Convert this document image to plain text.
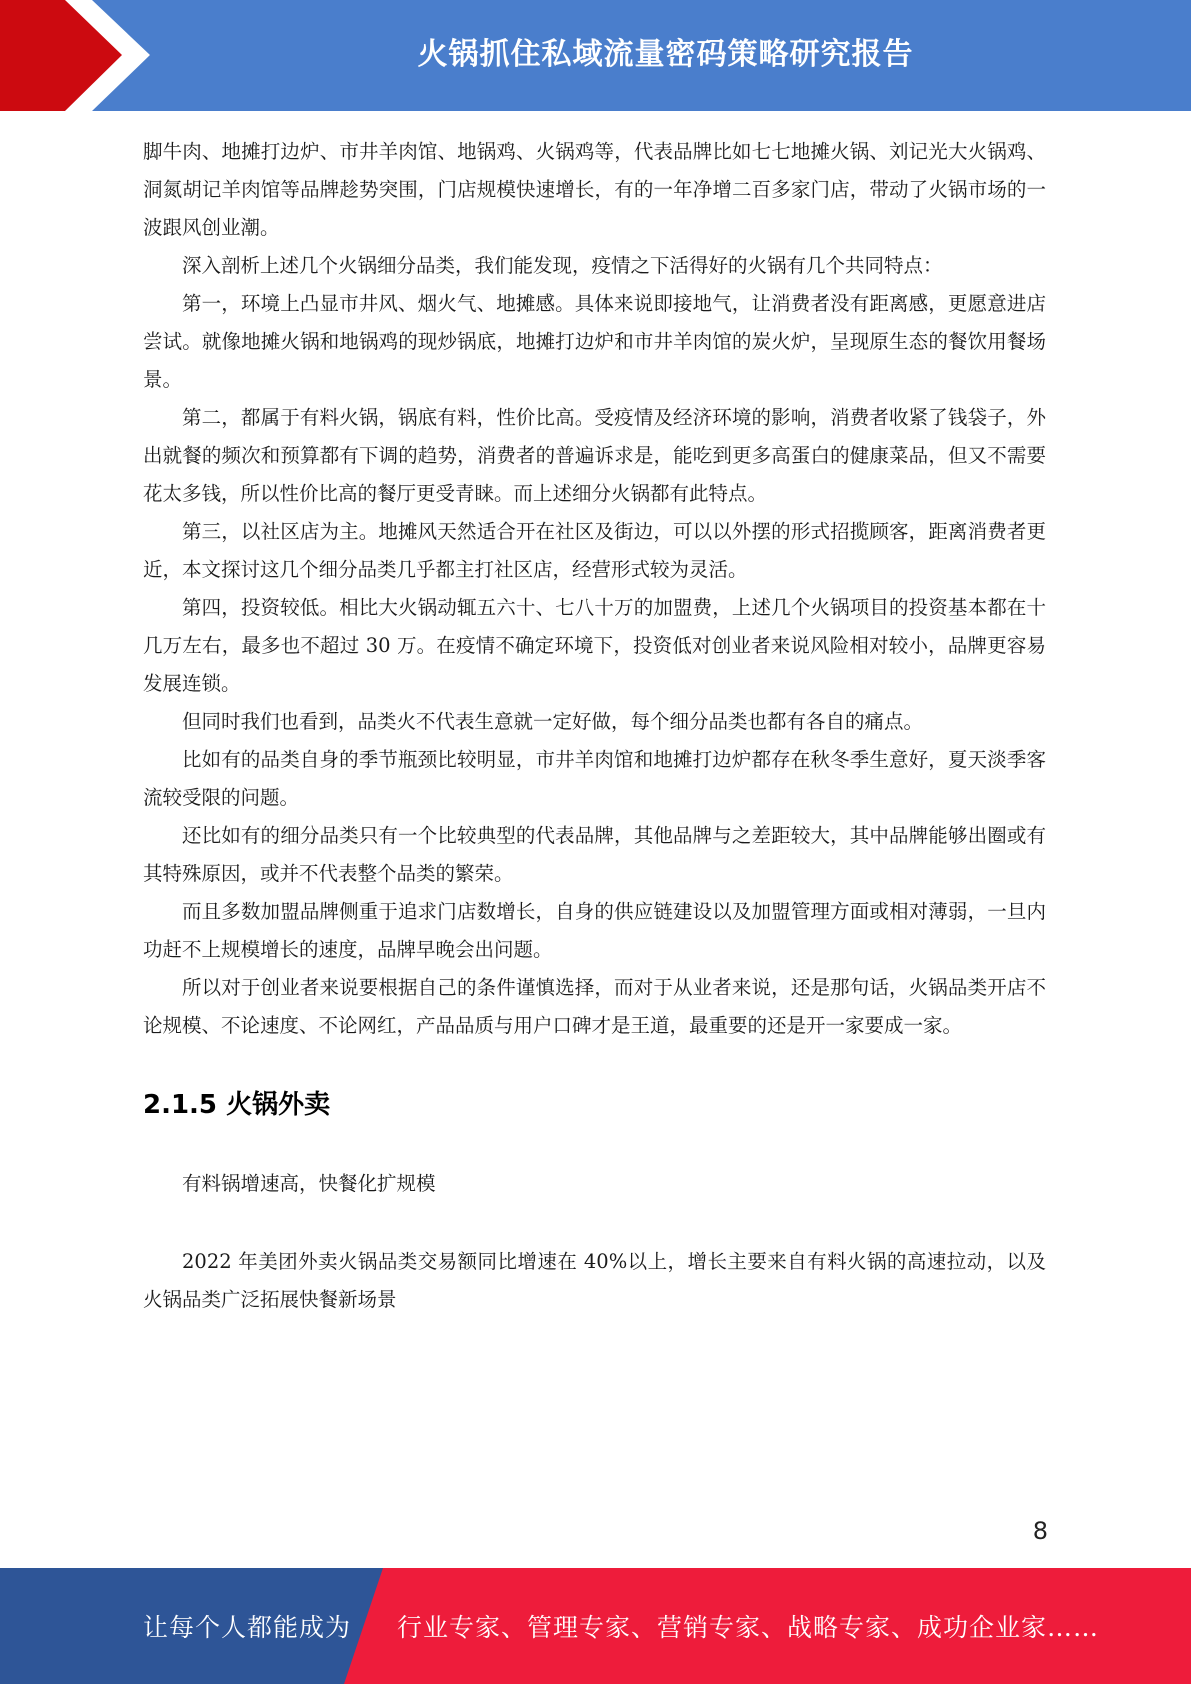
火锅抓住私域流量密码策略研究报告

脚牛肉、地摊打边炉、市井羊肉馆、地锅鸡、火锅鸡等，代表品牌比如七七地摊火锅、刘记光大火锅鸡、洞氮胡记羊肉馆等品牌趁势突围，门店规模快速增长，有的一年净增二百多家门店，带动了火锅市场的一波跟风创业潮。

深入剖析上述几个火锅细分品类，我们能发现，疫情之下活得好的火锅有几个共同特点：

第一，环境上凸显市井风、烟火气、地摊感。具体来说即接地气，让消费者没有距离感，更愿意进店尝试。就像地摊火锅和地锅鸡的现炒锅底，地摊打边炉和市井羊肉馆的炭火炉，呈现原生态的餐饮用餐场景。

第二，都属于有料火锅，锅底有料，性价比高。受疫情及经济环境的影响，消费者收紧了钱袋子，外出就餐的频次和预算都有下调的趋势，消费者的普遍诉求是，能吃到更多高蛋白的健康菜品，但又不需要花太多钱，所以性价比高的餐厅更受青睐。而上述细分火锅都有此特点。

第三，以社区店为主。地摊风天然适合开在社区及街边，可以以外摆的形式招揽顾客，距离消费者更近，本文探讨这几个细分品类几乎都主打社区店，经营形式较为灵活。

第四，投资较低。相比大火锅动辄五六十、七八十万的加盟费，上述几个火锅项目的投资基本都在十几万左右，最多也不超过 30 万。在疫情不确定环境下，投资低对创业者来说风险相对较小，品牌更容易发展连锁。

但同时我们也看到，品类火不代表生意就一定好做，每个细分品类也都有各自的痛点。

比如有的品类自身的季节瓶颈比较明显，市井羊肉馆和地摊打边炉都存在秋冬季生意好，夏天淡季客流较受限的问题。

还比如有的细分品类只有一个比较典型的代表品牌，其他品牌与之差距较大，其中品牌能够出圈或有其特殊原因，或并不代表整个品类的繁荣。

而且多数加盟品牌侧重于追求门店数增长，自身的供应链建设以及加盟管理方面或相对薄弱，一旦内功赶不上规模增长的速度，品牌早晚会出问题。

所以对于创业者来说要根据自己的条件谨慎选择，而对于从业者来说，还是那句话，火锅品类开店不论规模、不论速度、不论网红，产品品质与用户口碑才是王道，最重要的还是开一家要成一家。

2.1.5 火锅外卖

有料锅增速高，快餐化扩规模

2022 年美团外卖火锅品类交易额同比增速在 40%以上，增长主要来自有料火锅的高速拉动，以及火锅品类广泛拓展快餐新场景

8
让每个人都能成为 行业专家、管理专家、营销专家、战略专家、成功企业家……
